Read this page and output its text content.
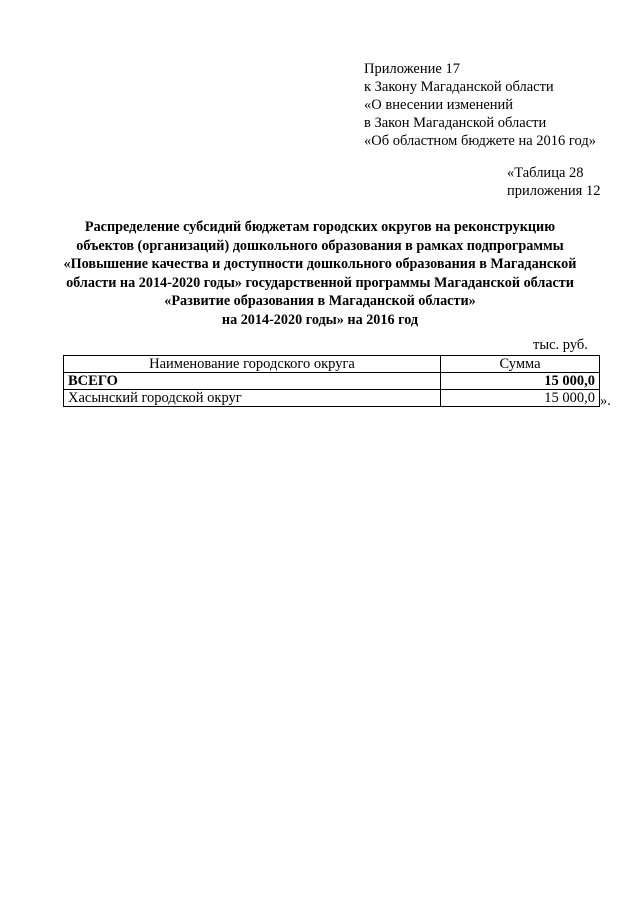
Приложение 17
к Закону Магаданской области
«О внесении изменений
в Закон Магаданской области
«Об областном бюджете на 2016 год»
«Таблица 28
приложения 12
Распределение субсидий бюджетам городских округов на реконструкцию
объектов (организаций) дошкольного образования в рамках подпрограммы
«Повышение качества и доступности дошкольного образования в Магаданской
области на 2014-2020 годы» государственной программы Магаданской области
«Развитие образования в Магаданской области»
на 2014-2020 годы» на 2016 год
тыс. руб.
Наименование городского округа	Сумма
ВСЕГО	15 000,0
Хасынский городской округ	15 000,0 ».
